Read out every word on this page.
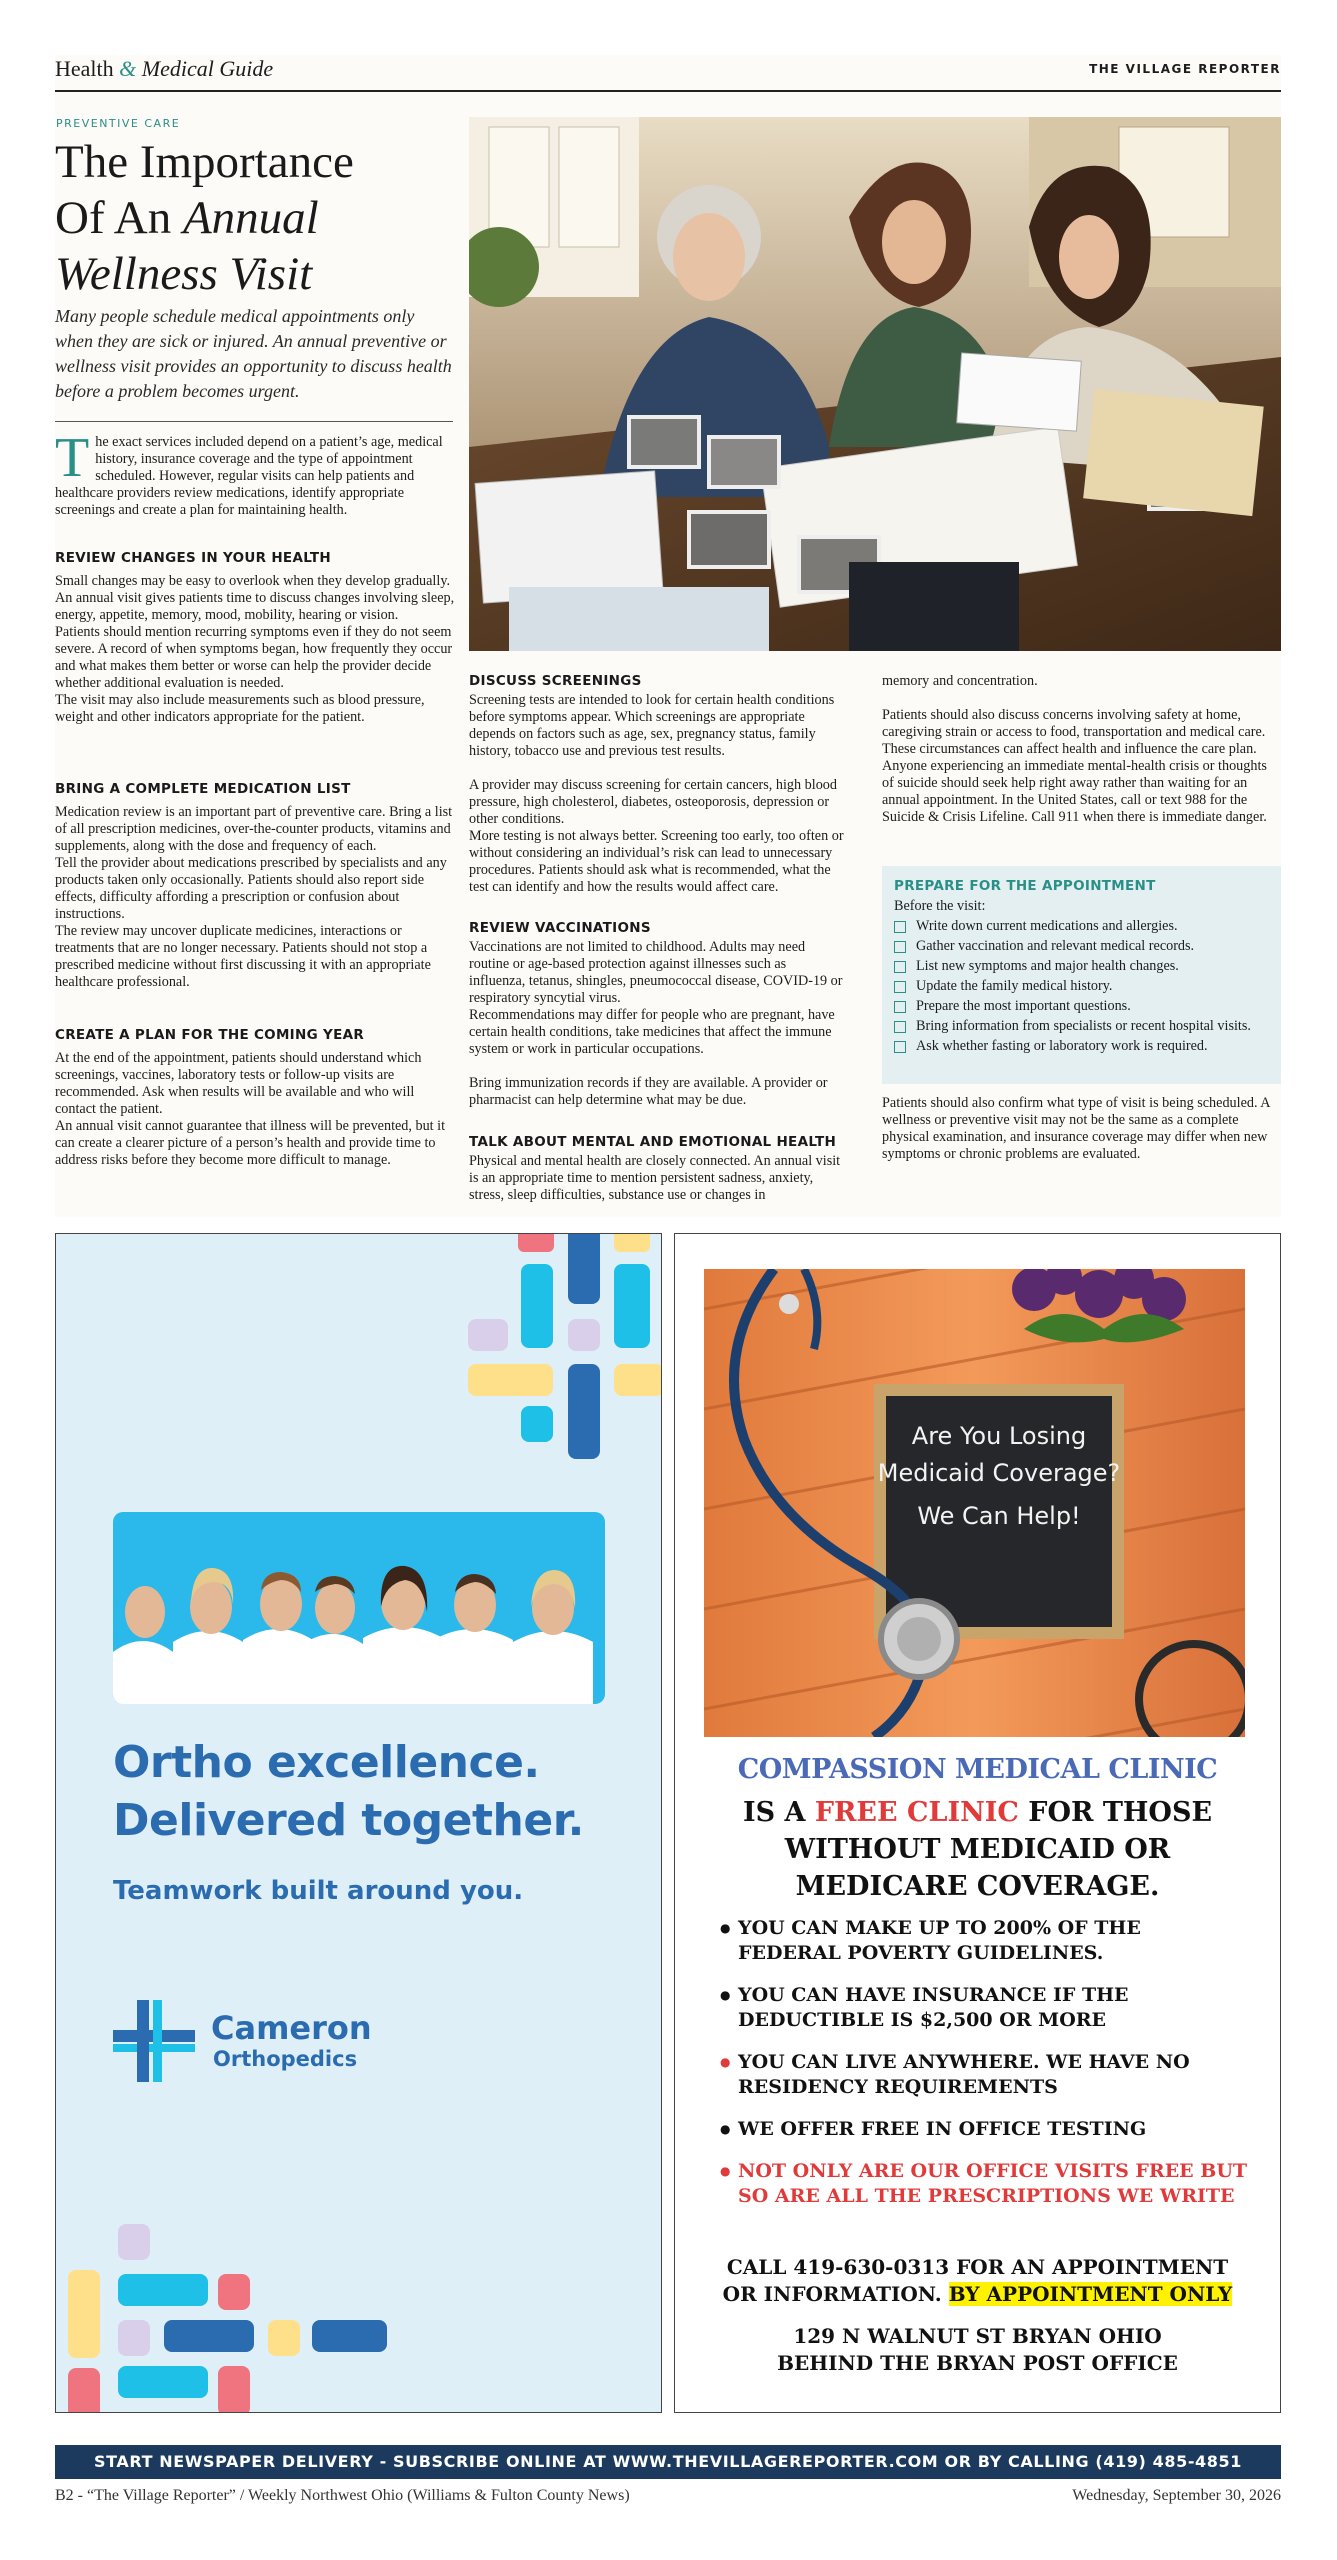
Health & Medical Guide	THE VILLAGE REPORTER
PREVENTIVE CARE
The Importance
Of An Annual
Wellness Visit
Many people schedule medical appointments only when they are sick or injured. An annual preventive or wellness visit provides an opportunity to discuss health before a problem becomes urgent.
The exact services included depend on a patient’s age, medical history, insurance coverage and the type of appointment scheduled. However, regular visits can help patients and healthcare providers review medications, identify appropriate screenings and create a plan for maintaining health.
REVIEW CHANGES IN YOUR HEALTH

Small changes may be easy to overlook when they develop gradually. An annual visit gives patients time to discuss changes involving sleep, energy, appetite, memory, mood, mobility, hearing or vision.

Patients should mention recurring symptoms even if they do not seem severe. A record of when symptoms began, how frequently they occur and what makes them better or worse can help the provider decide whether additional evaluation is needed.

The visit may also include measurements such as blood pressure, weight and other indicators appropriate for the patient.

BRING A COMPLETE MEDICATION LIST

Medication review is an important part of preventive care. Bring a list of all prescription medicines, over-the-counter products, vitamins and supplements, along with the dose and frequency of each.

Tell the provider about medications prescribed by specialists and any products taken only occasionally. Patients should also report side effects, difficulty affording a prescription or confusion about instructions.

The review may uncover duplicate medicines, interactions or treatments that are no longer necessary. Patients should not stop a prescribed medicine without first discussing it with an appropriate healthcare professional.

CREATE A PLAN FOR THE COMING YEAR

At the end of the appointment, patients should understand which screenings, vaccines, laboratory tests or follow-up visits are recommended. Ask when results will be available and who will contact the patient.

An annual visit cannot guarantee that illness will be prevented, but it can create a clearer picture of a person’s health and provide time to address risks before they become more difficult to manage.

DISCUSS SCREENINGS

Screening tests are intended to look for certain health conditions before symptoms appear. Which screenings are appropriate depends on factors such as age, sex, pregnancy status, family history, tobacco use and previous test results.

A provider may discuss screening for certain cancers, high blood pressure, high cholesterol, diabetes, osteoporosis, depression or other conditions.

More testing is not always better. Screening too early, too often or without considering an individual’s risk can lead to unnecessary procedures. Patients should ask what is recommended, what the test can identify and how the results would affect care.

REVIEW VACCINATIONS

Vaccinations are not limited to childhood. Adults may need routine or age-based protection against illnesses such as influenza, tetanus, shingles, pneumococcal disease, COVID-19 or respiratory syncytial virus.

Recommendations may differ for people who are pregnant, have certain health conditions, take medicines that affect the immune system or work in particular occupations.

Bring immunization records if they are available. A provider or pharmacist can help determine what may be due.

TALK ABOUT MENTAL AND EMOTIONAL HEALTH

Physical and mental health are closely connected. An annual visit is an appropriate time to mention persistent sadness, anxiety, stress, sleep difficulties, substance use or changes in

memory and concentration.

Patients should also discuss concerns involving safety at home, caregiving strain or access to food, transportation and medical care. These circumstances can affect health and influence the care plan.

Anyone experiencing an immediate mental-health crisis or thoughts of suicide should seek help right away rather than waiting for an annual appointment. In the United States, call or text 988 for the Suicide & Crisis Lifeline. Call 911 when there is immediate danger.

PREPARE FOR THE APPOINTMENT
Before the visit:
Write down current medications and allergies.
Gather vaccination and relevant medical records.
List new symptoms and major health changes.
Update the family medical history.
Prepare the most important questions.
Bring information from specialists or recent hospital visits.
Ask whether fasting or laboratory work is required.
Patients should also confirm what type of visit is being scheduled. A wellness or preventive visit may not be the same as a complete physical examination, and insurance coverage may differ when new symptoms or chronic problems are evaluated.
Ortho excellence.
Delivered together.
Teamwork built around you.
Cameron
Orthopedics
Are You Losing
Medicaid Coverage?
We Can Help!
COMPASSION MEDICAL CLINIC
IS A FREE CLINIC FOR THOSE
WITHOUT MEDICAID OR
MEDICARE COVERAGE.
● YOU CAN MAKE UP TO 200% OF THE FEDERAL POVERTY GUIDELINES.
● YOU CAN HAVE INSURANCE IF THE DEDUCTIBLE IS $2,500 OR MORE
● YOU CAN LIVE ANYWHERE. WE HAVE NO RESIDENCY REQUIREMENTS
● WE OFFER FREE IN OFFICE TESTING
● NOT ONLY ARE OUR OFFICE VISITS FREE BUT SO ARE ALL THE PRESCRIPTIONS WE WRITE
CALL 419-630-0313 FOR AN APPOINTMENT
OR INFORMATION. BY APPOINTMENT ONLY
129 N WALNUT ST BRYAN OHIO
BEHIND THE BRYAN POST OFFICE
START NEWSPAPER DELIVERY - SUBSCRIBE ONLINE AT WWW.THEVILLAGEREPORTER.COM OR BY CALLING (419) 485-4851
B2 - “The Village Reporter” / Weekly Northwest Ohio (Williams & Fulton County News)	Wednesday, September 30, 2026
